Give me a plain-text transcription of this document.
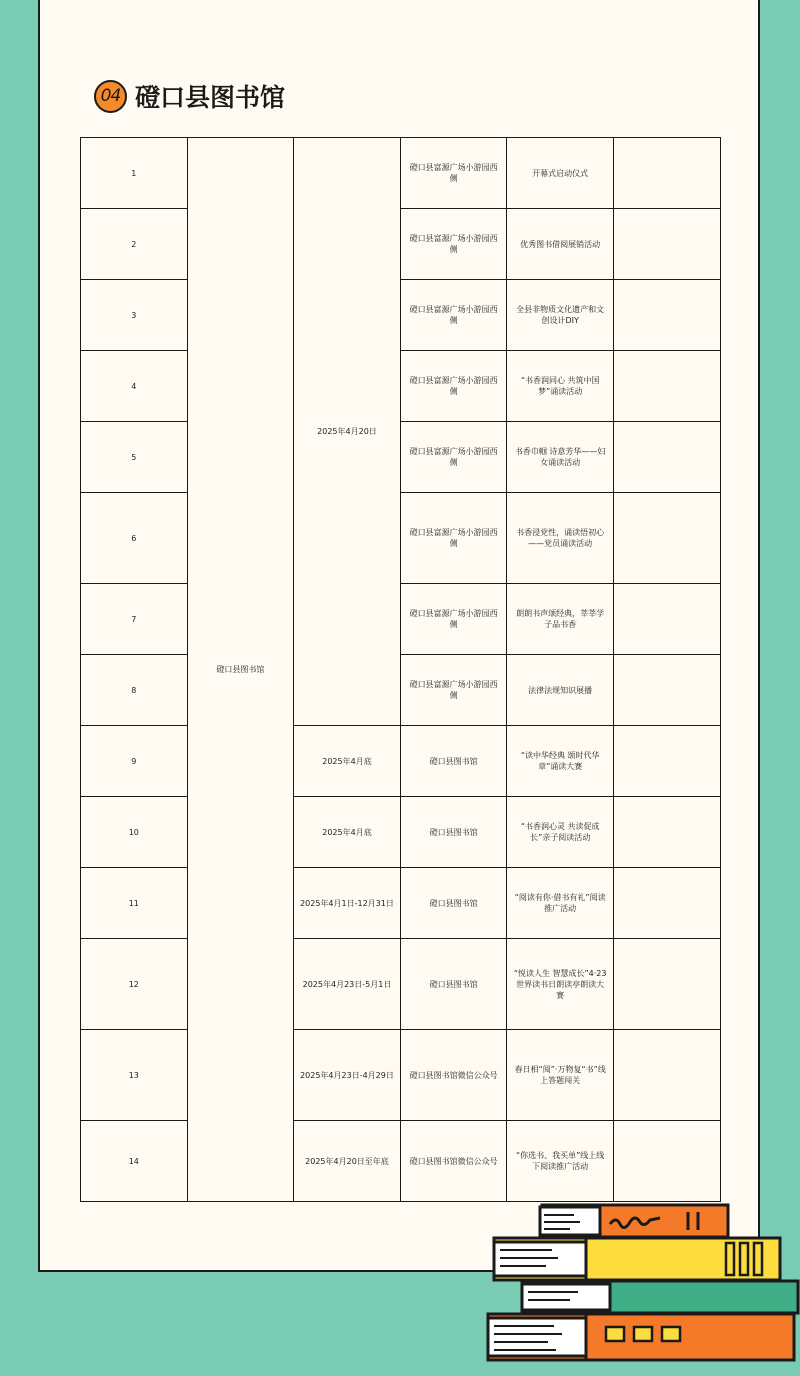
04 磴口县图书馆
1	磴口县图书馆	2025年4月20日	磴口县富源广场小游园西侧	开幕式启动仪式	
2			磴口县富源广场小游园西侧	优秀图书借阅展销活动	
3			磴口县富源广场小游园西侧	全县非物质文化遗产和文创设计DIY	
4			磴口县富源广场小游园西侧	“书香润同心 共筑中国梦”诵读活动	
5			磴口县富源广场小游园西侧	书香巾帼 诗意芳华——妇女诵读活动	
6			磴口县富源广场小游园西侧	书香浸党性，诵读悟初心——党员诵读活动	
7			磴口县富源广场小游园西侧	朗朗书声颂经典，莘莘学子品书香	
8			磴口县富源广场小游园西侧	法律法规知识展播	
9		2025年4月底	磴口县图书馆	“读中华经典 颂时代华章”诵读大赛	
10		2025年4月底	磴口县图书馆	“书香润心灵 共读促成长”亲子阅读活动	
11		2025年4月1日-12月31日	磴口县图书馆	“阅读有你·借书有礼”阅读推广活动	
12		2025年4月23日-5月1日	磴口县图书馆	“悦读人生 智慧成长”4·23世界读书日朗读亭朗读大赛	
13		2025年4月23日-4月29日	磴口县图书馆微信公众号	春日相“阅”·万物复“书”线上答题闯关	
14		2025年4月20日至年底	磴口县图书馆微信公众号	“你选书、我买单”线上线下阅读推广活动	
